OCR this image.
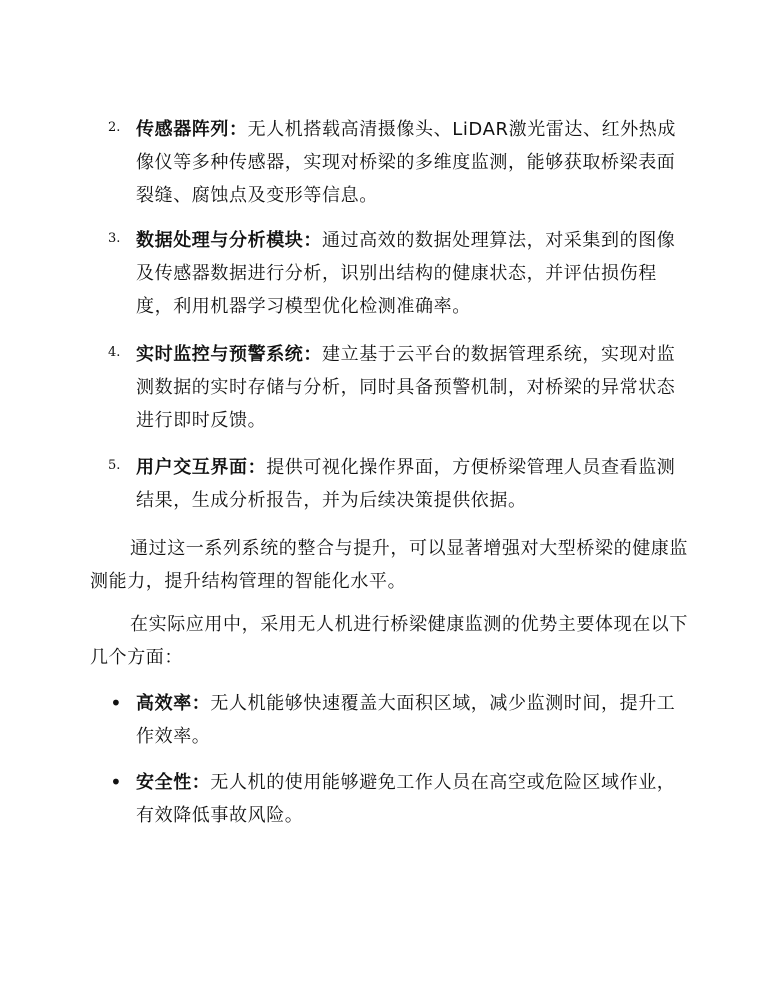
2. 传感器阵列：无人机搭载高清摄像头、LiDAR激光雷达、红外热成像仪等多种传感器，实现对桥梁的多维度监测，能够获取桥梁表面裂缝、腐蚀点及变形等信息。
3. 数据处理与分析模块：通过高效的数据处理算法，对采集到的图像及传感器数据进行分析，识别出结构的健康状态，并评估损伤程度，利用机器学习模型优化检测准确率。
4. 实时监控与预警系统：建立基于云平台的数据管理系统，实现对监测数据的实时存储与分析，同时具备预警机制，对桥梁的异常状态进行即时反馈。
5. 用户交互界面：提供可视化操作界面，方便桥梁管理人员查看监测结果，生成分析报告，并为后续决策提供依据。
通过这一系列系统的整合与提升，可以显著增强对大型桥梁的健康监测能力，提升结构管理的智能化水平。
在实际应用中，采用无人机进行桥梁健康监测的优势主要体现在以下几个方面：
• 高效率：无人机能够快速覆盖大面积区域，减少监测时间，提升工作效率。
• 安全性：无人机的使用能够避免工作人员在高空或危险区域作业，有效降低事故风险。
